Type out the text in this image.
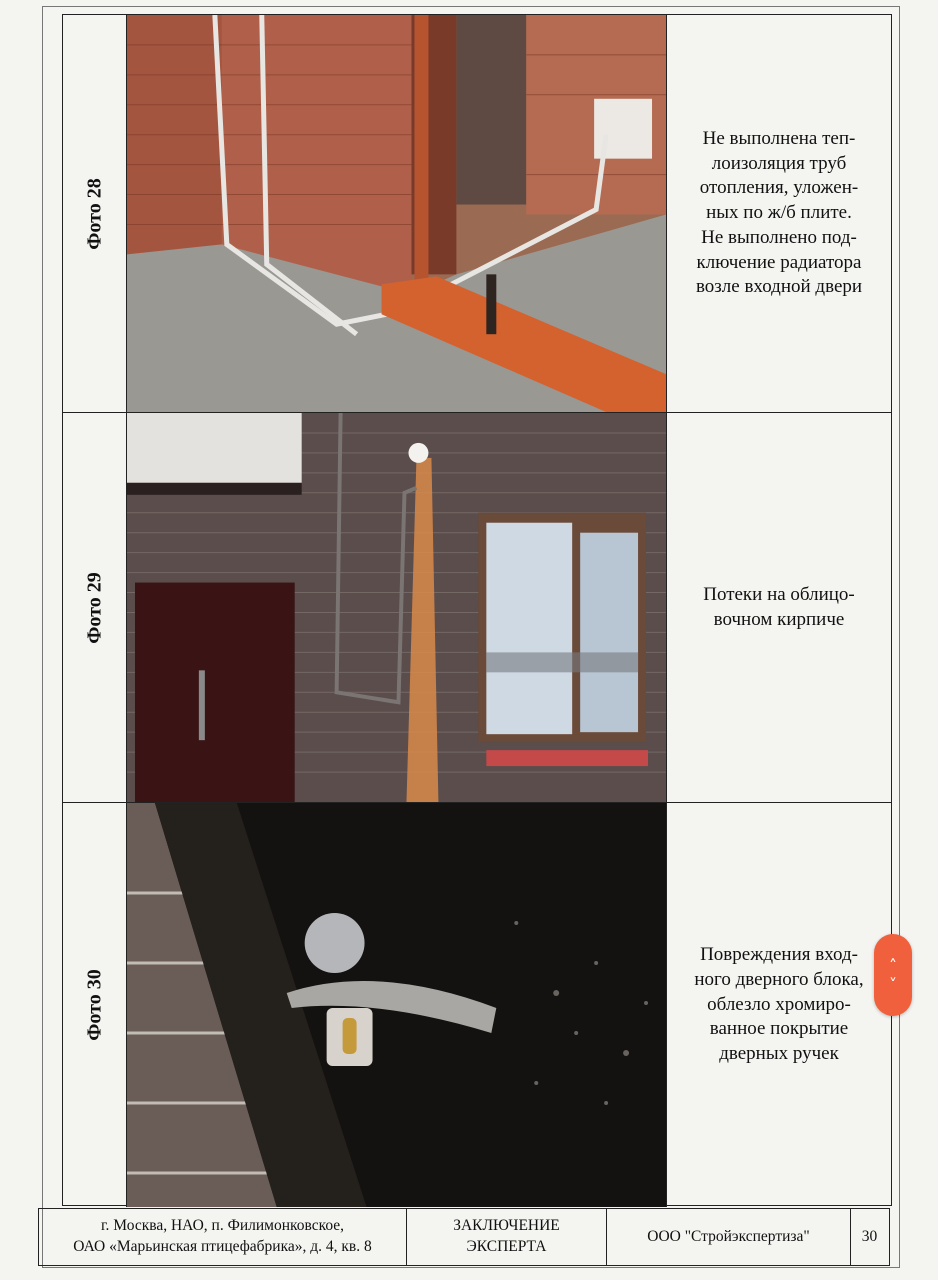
Фото 28

Не выполнена теп-
лоизоляция труб
отопления, уложен-
ных по ж/б плите.
Не выполнено под-
ключение радиатора
возле входной двери

Фото 29	Потеки на облицо-
вочном кирпиче

Фото 30

Повреждения вход-
ного дверного блока,
облезло хромиро-
ванное покрытие
дверных ручек

г. Москва, НАО, п. Филимонковское,
ОАО «Марьинская птицефабрика», д. 4, кв. 8
ЗАКЛЮЧЕНИЕ
ЭКСПЕРТА
ООО "Стройэкспертиза"	30
˄
˅
